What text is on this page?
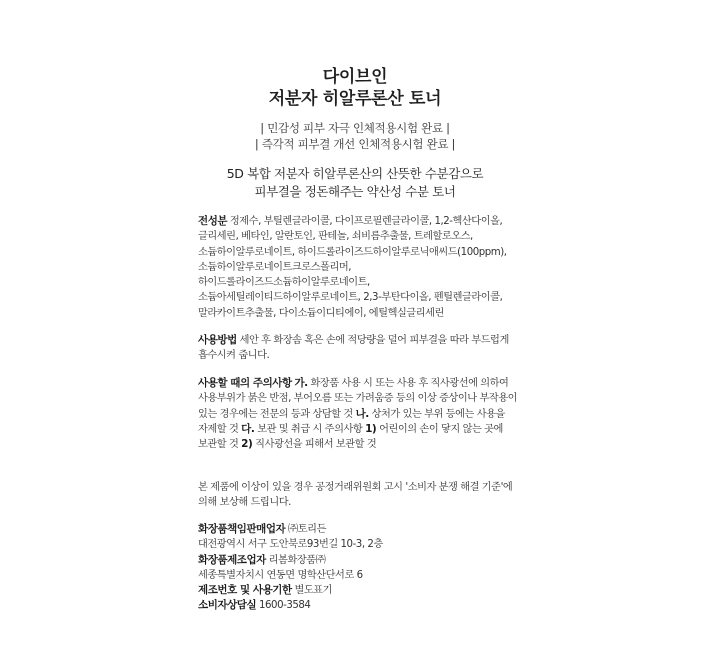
다이브인
저분자 히알루론산 토너
| 민감성 피부 자극 인체적용시험 완료 |
| 즉각적 피부결 개선 인체적용시험 완료 |
5D 복합 저분자 히알루론산의 산뜻한 수분감으로
피부결을 정돈해주는 약산성 수분 토너
전성분 정제수, 부틸렌글라이콜, 다이프로필렌글라이콜, 1,2-헥산다이올, 글리세린, 베타인, 알란토인, 판테놀, 쇠비름추출물, 트레할로오스, 소듐하이알루로네이트, 하이드롤라이즈드하이알루로닉애씨드(100ppm), 소듐하이알루로네이트크로스폴리머, 하이드롤라이즈드소듐하이알루로네이트, 소듐아세틸레이티드하이알루로네이트, 2,3-부탄다이올, 펜틸렌글라이콜, 말라카이트추출물, 다이소듐이디티에이, 에틸헥실글리세린
사용방법 세안 후 화장솜 혹은 손에 적당량을 덜어 피부결을 따라 부드럽게 흡수시켜 줍니다.
사용할 때의 주의사항 가. 화장품 사용 시 또는 사용 후 직사광선에 의하여 사용부위가 붉은 반점, 부어오름 또는 가려움증 등의 이상 증상이나 부작용이 있는 경우에는 전문의 등과 상담할 것 나. 상처가 있는 부위 등에는 사용을 자제할 것 다. 보관 및 취급 시 주의사항 1) 어린이의 손이 닿지 않는 곳에 보관할 것 2) 직사광선을 피해서 보관할 것
본 제품에 이상이 있을 경우 공정거래위원회 고시 '소비자 분쟁 해결 기준'에 의해 보상해 드립니다.
화장품책임판매업자 ㈜토리든
대전광역시 서구 도안북로93번길 10-3, 2층
화장품제조업자 리봄화장품㈜
세종특별자치시 연동면 명학산단서로 6
제조번호 및 사용기한 별도표기
소비자상담실 1600-3584
